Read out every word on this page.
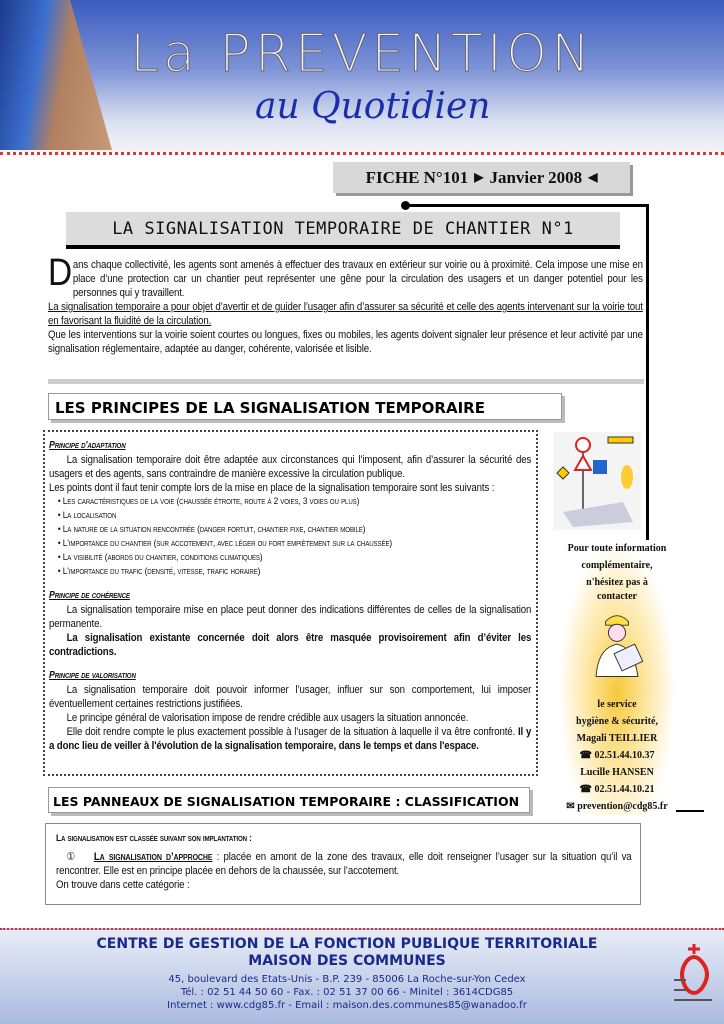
La PREVENTION
au Quotidien
FICHE N°101 ▶ Janvier 2008 ◀
LA SIGNALISATION TEMPORAIRE DE CHANTIER N°1
D ans chaque collectivité, les agents sont amenés à effectuer des travaux en extérieur sur voirie ou à proximité. Cela impose une mise en place d’une protection car un chantier peut représenter une gêne pour la circulation des usagers et un danger potentiel pour les personnes qui y travaillent.
La signalisation temporaire a pour objet d’avertir et de guider l’usager afin d’assurer sa sécurité et celle des agents intervenant sur la voirie tout en favorisant la fluidité de la circulation.
Que les interventions sur la voirie soient courtes ou longues, fixes ou mobiles, les agents doivent signaler leur présence et leur activité par une signalisation réglementaire, adaptée au danger, cohérente, valorisée et lisible.
LES PRINCIPES DE LA SIGNALISATION TEMPORAIRE
Principe d'adaptation
La signalisation temporaire doit être adaptée aux circonstances qui l’imposent, afin d’assurer la sécurité des usagers et des agents, sans contraindre de manière excessive la circulation publique.
Les points dont il faut tenir compte lors de la mise en place de la signalisation temporaire sont les suivants :
• Les caractéristiques de la voie (chaussée étroite, route à 2 voies, 3 voies ou plus)
• La localisation
• La nature de la situation rencontrée (danger fortuit, chantier fixe, chantier mobile)
• L'importance du chantier (sur accotement, avec léger ou fort empiètement sur la chaussée)
• La visibilité (abords du chantier, conditions climatiques)
• L'importance du trafic (densité, vitesse, trafic horaire)
Principe de cohérence
La signalisation temporaire mise en place peut donner des indications différentes de celles de la signalisation permanente.
La signalisation existante concernée doit alors être masquée provisoirement afin d’éviter les contradictions.
Principe de valorisation
La signalisation temporaire doit pouvoir informer l’usager, influer sur son comportement, lui imposer éventuellement certaines restrictions justifiées.
Le principe général de valorisation impose de rendre crédible aux usagers la situation annoncée.
Elle doit rendre compte le plus exactement possible à l’usager de la situation à laquelle il va être confronté. Il y a donc lieu de veiller à l'évolution de la signalisation temporaire, dans le temps et dans l'espace.
Pour toute information
complémentaire,
n'hésitez pas à
contacter
le service
hygiène & sécurité,
Magali TEILLIER
☎ 02.51.44.10.37
Lucille HANSEN
☎ 02.51.44.10.21
✉ prevention@cdg85.fr
LES PANNEAUX DE SIGNALISATION TEMPORAIRE : CLASSIFICATION
La signalisation est classée suivant son implantation :
① La signalisation d’approche : placée en amont de la zone des travaux, elle doit renseigner l’usager sur la situation qu’il va rencontrer. Elle est en principe placée en dehors de la chaussée, sur l’accotement.
On trouve dans cette catégorie :
CENTRE DE GESTION DE LA FONCTION PUBLIQUE TERRITORIALE
MAISON DES COMMUNES
45, boulevard des Etats-Unis - B.P. 239 - 85006 La Roche-sur-Yon Cedex
Tél. : 02 51 44 50 60 - Fax. : 02 51 37 00 66 - Minitel : 3614CDG85
Internet : www.cdg85.fr - Email : maison.des.communes85@wanadoo.fr
